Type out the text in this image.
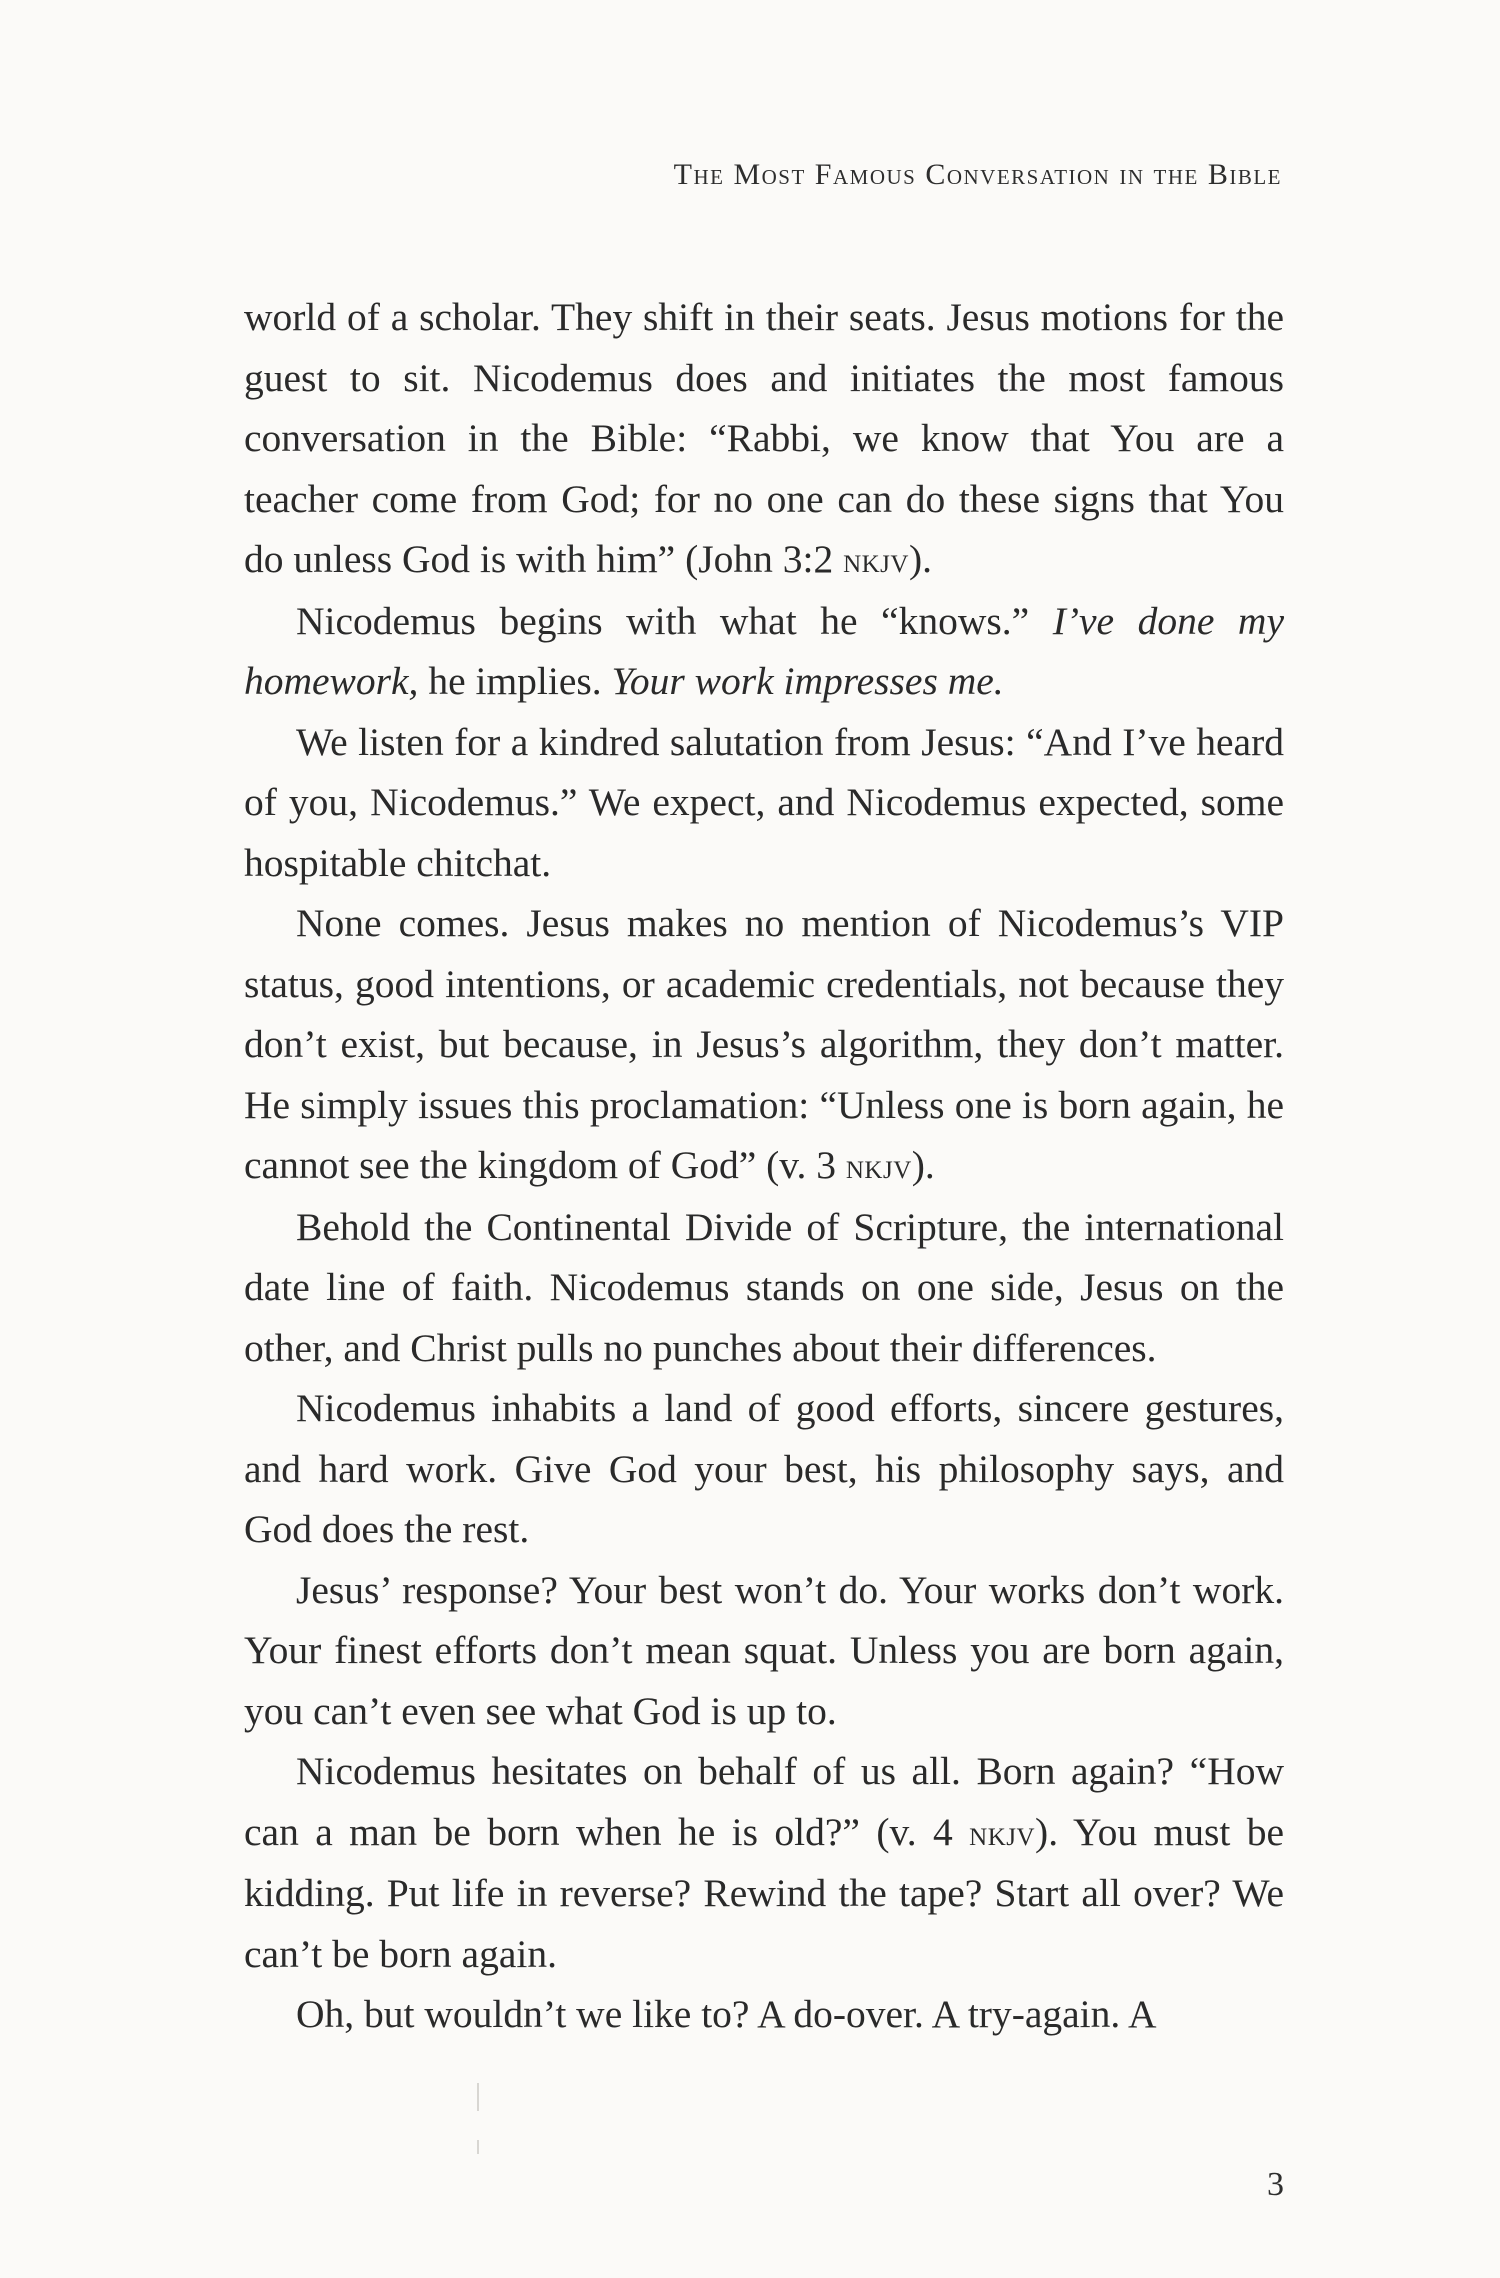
The Most Famous Conversation in the Bible

world of a scholar. They shift in their seats. Jesus motions for the guest to sit. Nicodemus does and initiates the most famous conversation in the Bible: “Rabbi, we know that You are a teacher come from God; for no one can do these signs that You do unless God is with him” (John 3:2 nkjv).

Nicodemus begins with what he “knows.” I’ve done my homework, he implies. Your work impresses me.

We listen for a kindred salutation from Jesus: “And I’ve heard of you, Nicodemus.” We expect, and Nicodemus expected, some hospitable chitchat.

None comes. Jesus makes no mention of Nicodemus’s VIP status, good intentions, or academic credentials, not because they don’t exist, but because, in Jesus’s algorithm, they don’t matter. He simply issues this proclamation: “Unless one is born again, he cannot see the kingdom of God” (v. 3 nkjv).

Behold the Continental Divide of Scripture, the international date line of faith. Nicodemus stands on one side, Jesus on the other, and Christ pulls no punches about their differences.

Nicodemus inhabits a land of good efforts, sincere gestures, and hard work. Give God your best, his philosophy says, and God does the rest.

Jesus’ response? Your best won’t do. Your works don’t work. Your finest efforts don’t mean squat. Unless you are born again, you can’t even see what God is up to.

Nicodemus hesitates on behalf of us all. Born again? “How can a man be born when he is old?” (v. 4 nkjv). You must be kidding. Put life in reverse? Rewind the tape? Start all over? We can’t be born again.

Oh, but wouldn’t we like to? A do-over. A try-again. A

3
